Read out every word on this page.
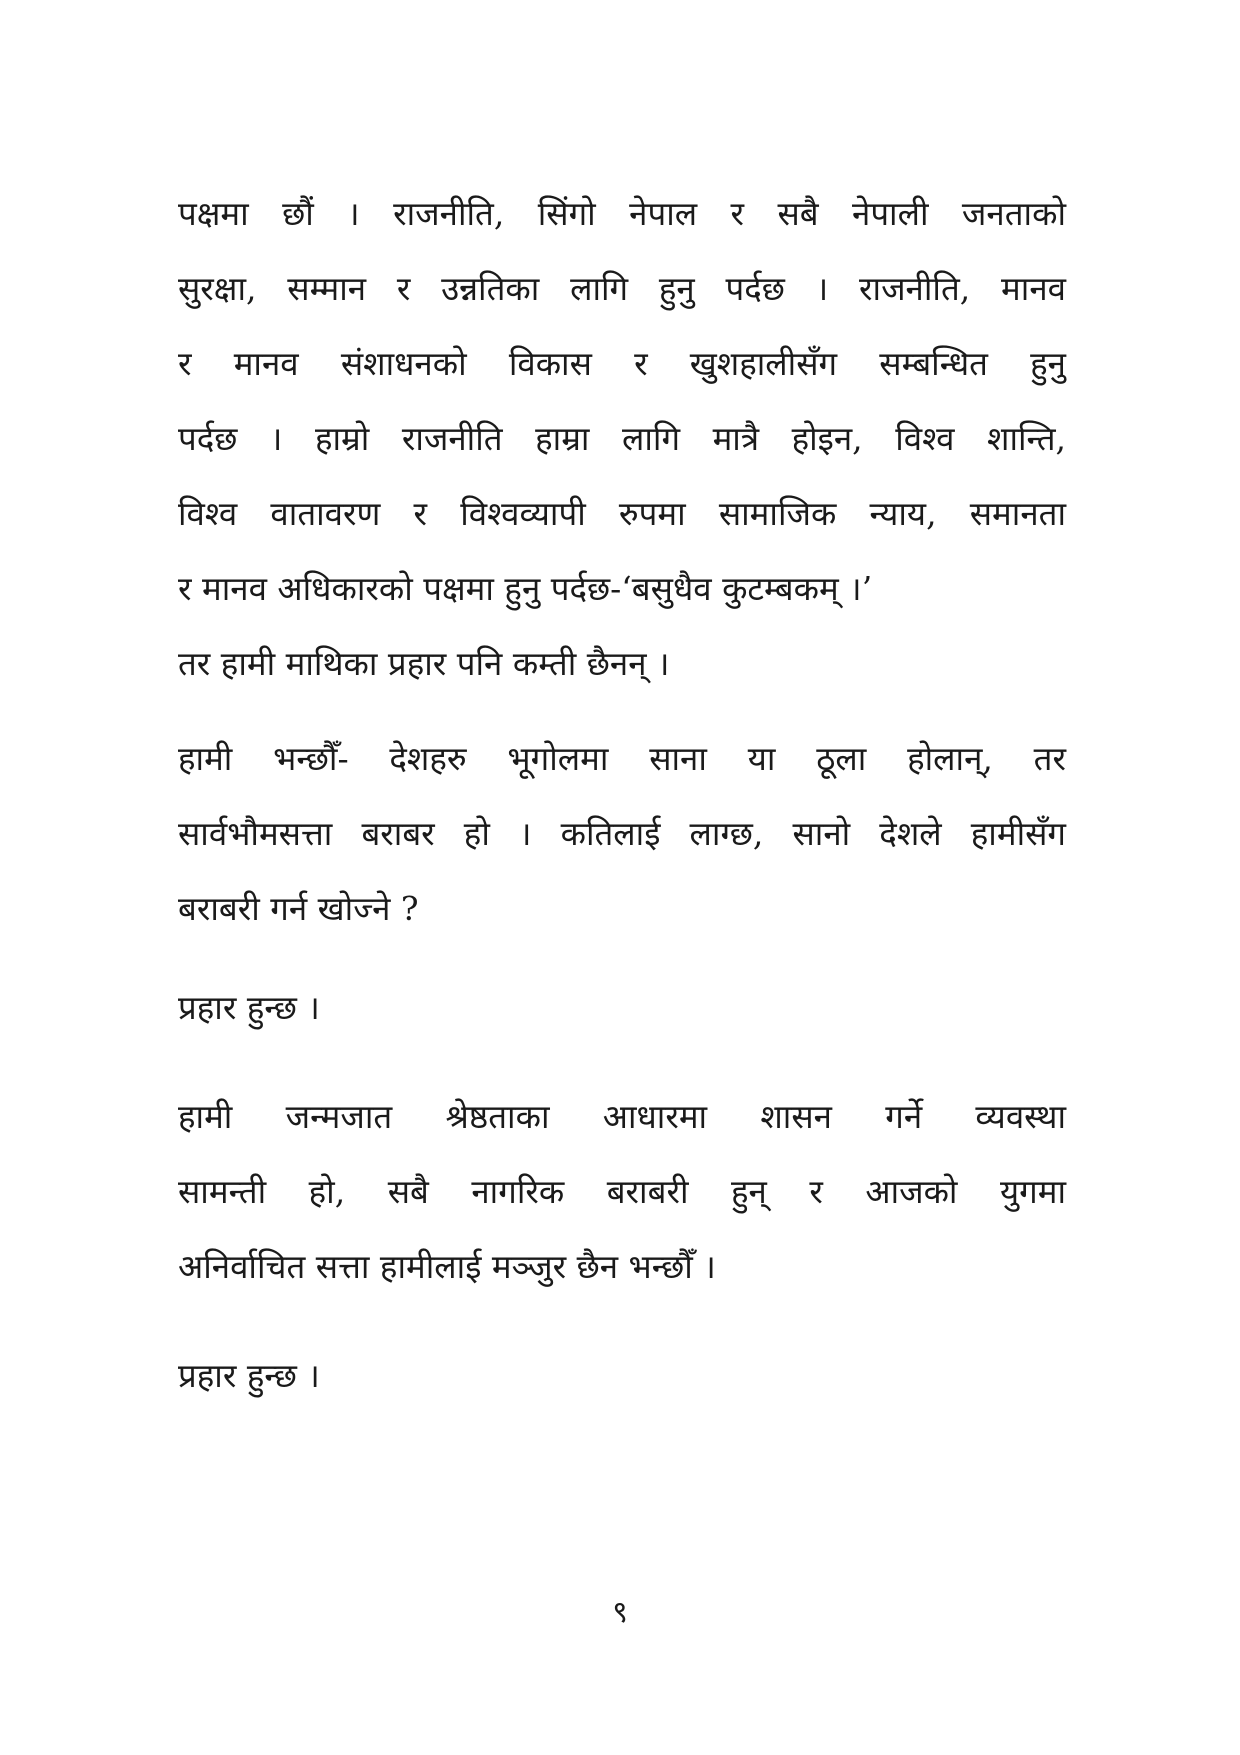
पक्षमा छौं । राजनीति, सिंगो नेपाल र सबै नेपाली जनताको
सुरक्षा, सम्मान र उन्नतिका लागि हुनु पर्दछ । राजनीति, मानव
र मानव संशाधनको विकास र खुशहालीसँग सम्बन्धित हुनु
पर्दछ । हाम्रो राजनीति हाम्रा लागि मात्रै होइन, विश्व शान्ति,
विश्व वातावरण र विश्वव्यापी रुपमा सामाजिक न्याय, समानता
र मानव अधिकारको पक्षमा हुनु पर्दछ-‘बसुधैव कुटम्बकम् ।’
तर हामी माथिका प्रहार पनि कम्ती छैनन् ।

हामी भन्छौँ- देशहरु भूगोलमा साना या ठूला होलान्, तर
सार्वभौमसत्ता बराबर हो । कतिलाई लाग्छ, सानो देशले हामीसँग
बराबरी गर्न खोज्ने ?

प्रहार हुन्छ ।

हामी जन्मजात श्रेष्ठताका आधारमा शासन गर्ने व्यवस्था
सामन्ती हो, सबै नागरिक बराबरी हुन् र आजको युगमा
अनिर्वाचित सत्ता हामीलाई मञ्जुर छैन भन्छौँ ।

प्रहार हुन्छ ।

९
